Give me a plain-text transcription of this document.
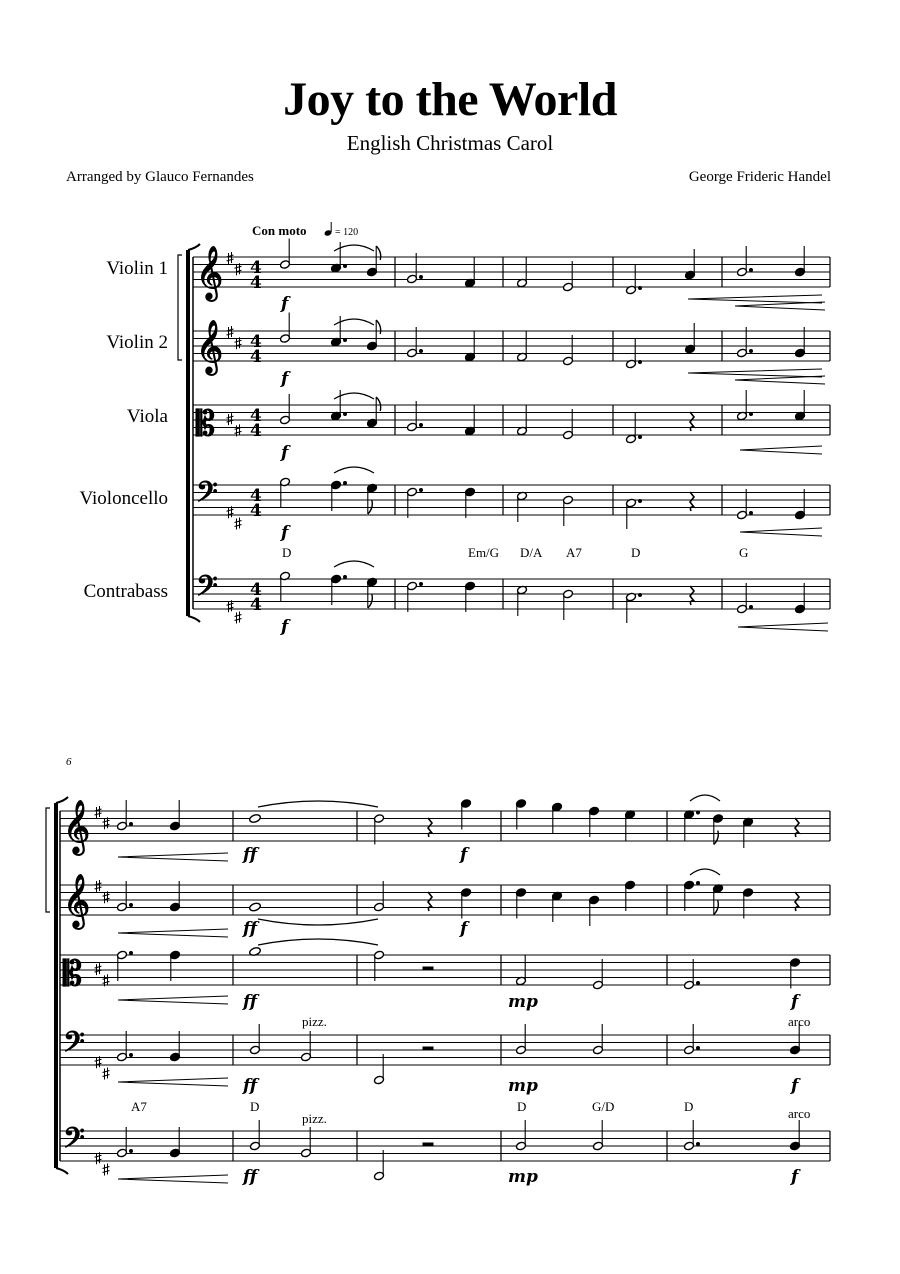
Joy to the World
English Christmas Carol
Arranged by Glauco Fernandes	George Frideric Handel
Violin 1
Violin 2
Viola
Violoncello
Contrabass
𝄞
𝄞
𝄡
𝄢
𝄢
𝄞
𝄞
𝄡
𝄢
𝄢
Con moto	= 120
6
D	Em/G D/A A7	D	G
A7	D	D	G/D	D
pizz.
pizz.
arco
arco
f
f
f
f
f
ff	f
ff	f
ff	mp	f
ff	mp	f
ff	mp	f
4
4
4
4
4
4
4
4
4
4
